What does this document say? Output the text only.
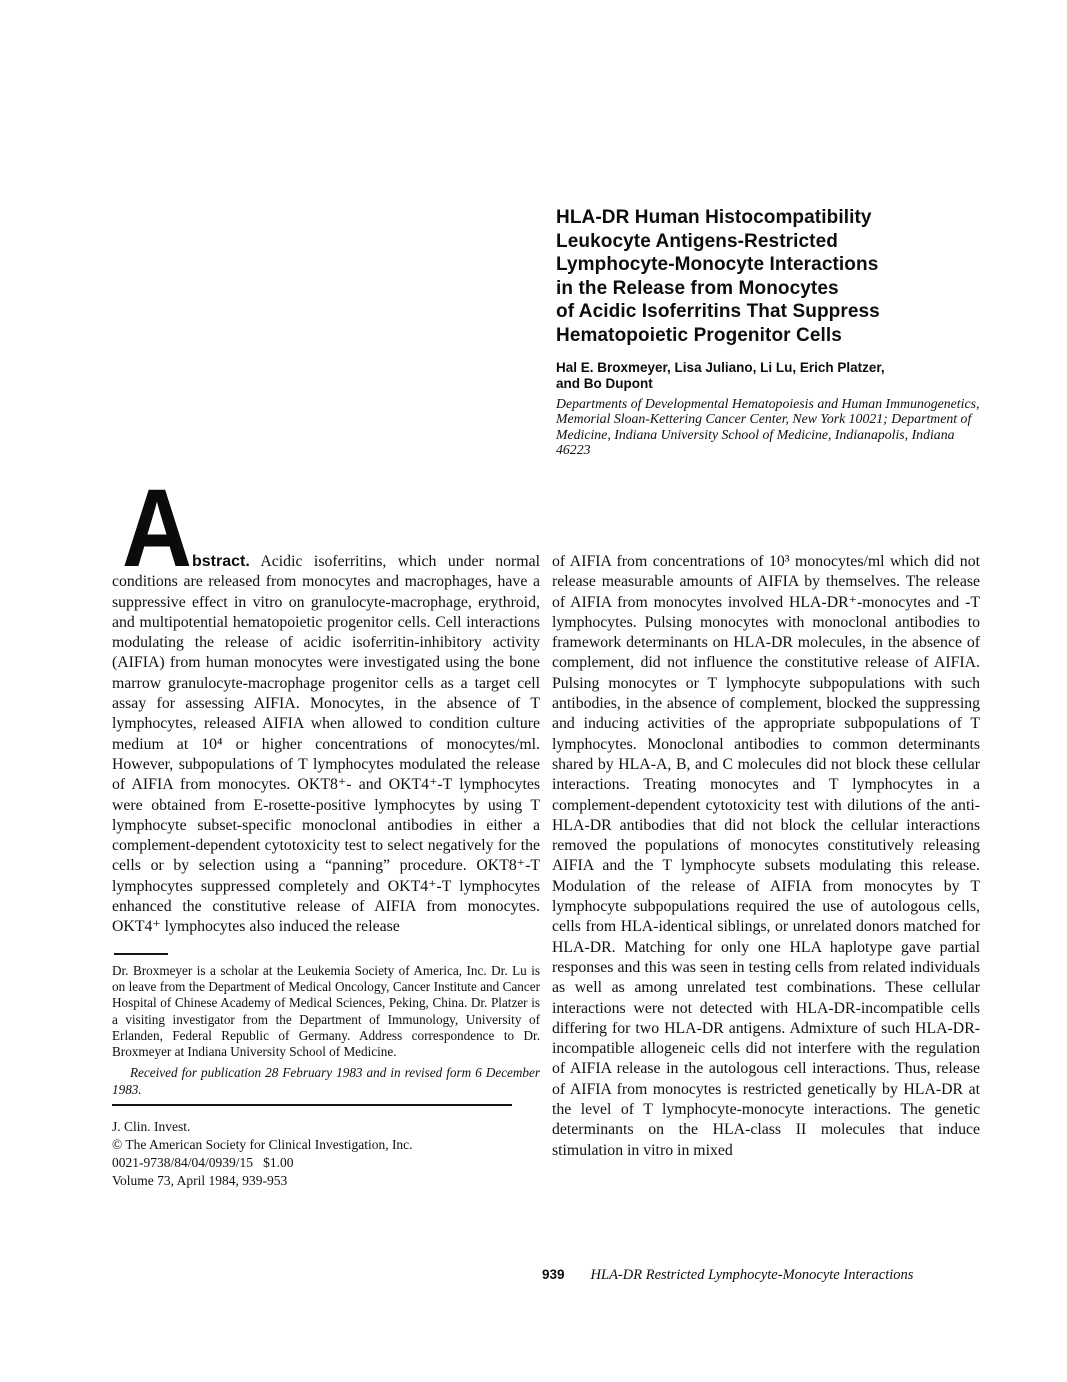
HLA-DR Human Histocompatibility
Leukocyte Antigens-Restricted
Lymphocyte-Monocyte Interactions
in the Release from Monocytes
of Acidic Isoferritins That Suppress
Hematopoietic Progenitor Cells
Hal E. Broxmeyer, Lisa Juliano, Li Lu, Erich Platzer,
and Bo Dupont

Departments of Developmental Hematopoiesis and Human Immunogenetics, Memorial Sloan-Kettering Cancer Center, New York 10021; Department of Medicine, Indiana University School of Medicine, Indianapolis, Indiana 46223

A bstract. Acidic isoferritins, which under normal conditions are released from monocytes and macrophages, have a suppressive effect in vitro on granulocyte-macrophage, erythroid, and multipotential hematopoietic progenitor cells. Cell interactions modulating the release of acidic isoferritin-inhibitory activity (AIFIA) from human monocytes were investigated using the bone marrow granulocyte-macrophage progenitor cells as a target cell assay for assessing AIFIA. Monocytes, in the absence of T lymphocytes, released AIFIA when allowed to condition culture medium at 10⁴ or higher concentrations of monocytes/ml. However, subpopulations of T lymphocytes modulated the release of AIFIA from monocytes. OKT8⁺- and OKT4⁺-T lymphocytes were obtained from E-rosette-positive lymphocytes by using T lymphocyte subset-specific monoclonal antibodies in either a complement-dependent cytotoxicity test to select negatively for the cells or by selection using a “panning” procedure. OKT8⁺-T lymphocytes suppressed completely and OKT4⁺-T lymphocytes enhanced the constitutive release of AIFIA from monocytes. OKT4⁺ lymphocytes also induced the release

Dr. Broxmeyer is a scholar at the Leukemia Society of America, Inc. Dr. Lu is on leave from the Department of Medical Oncology, Cancer Institute and Cancer Hospital of Chinese Academy of Medical Sciences, Peking, China. Dr. Platzer is a visiting investigator from the Department of Immunology, University of Erlanden, Federal Republic of Germany. Address correspondence to Dr. Broxmeyer at Indiana University School of Medicine.

Received for publication 28 February 1983 and in revised form 6 December 1983.

J. Clin. Invest.

© The American Society for Clinical Investigation, Inc.

0021-9738/84/04/0939/15   $1.00

Volume 73, April 1984, 939-953

of AIFIA from concentrations of 10³ monocytes/ml which did not release measurable amounts of AIFIA by themselves. The release of AIFIA from monocytes involved HLA-DR⁺-monocytes and -T lymphocytes. Pulsing monocytes with monoclonal antibodies to framework determinants on HLA-DR molecules, in the absence of complement, did not influence the constitutive release of AIFIA. Pulsing monocytes or T lymphocyte subpopulations with such antibodies, in the absence of complement, blocked the suppressing and inducing activities of the appropriate subpopulations of T lymphocytes. Monoclonal antibodies to common determinants shared by HLA-A, B, and C molecules did not block these cellular interactions. Treating monocytes and T lymphocytes in a complement-dependent cytotoxicity test with dilutions of the anti-HLA-DR antibodies that did not block the cellular interactions removed the populations of monocytes constitutively releasing AIFIA and the T lymphocyte subsets modulating this release. Modulation of the release of AIFIA from monocytes by T lymphocyte subpopulations required the use of autologous cells, cells from HLA-identical siblings, or unrelated donors matched for HLA-DR. Matching for only one HLA haplotype gave partial responses and this was seen in testing cells from related individuals as well as among unrelated test combinations. These cellular interactions were not detected with HLA-DR-incompatible cells differing for two HLA-DR antigens. Admixture of such HLA-DR-incompatible allogeneic cells did not interfere with the regulation of AIFIA release in the autologous cell interactions. Thus, release of AIFIA from monocytes is restricted genetically by HLA-DR at the level of T lymphocyte-monocyte interactions. The genetic determinants on the HLA-class II molecules that induce stimulation in vitro in mixed

939 HLA-DR Restricted Lymphocyte-Monocyte Interactions
